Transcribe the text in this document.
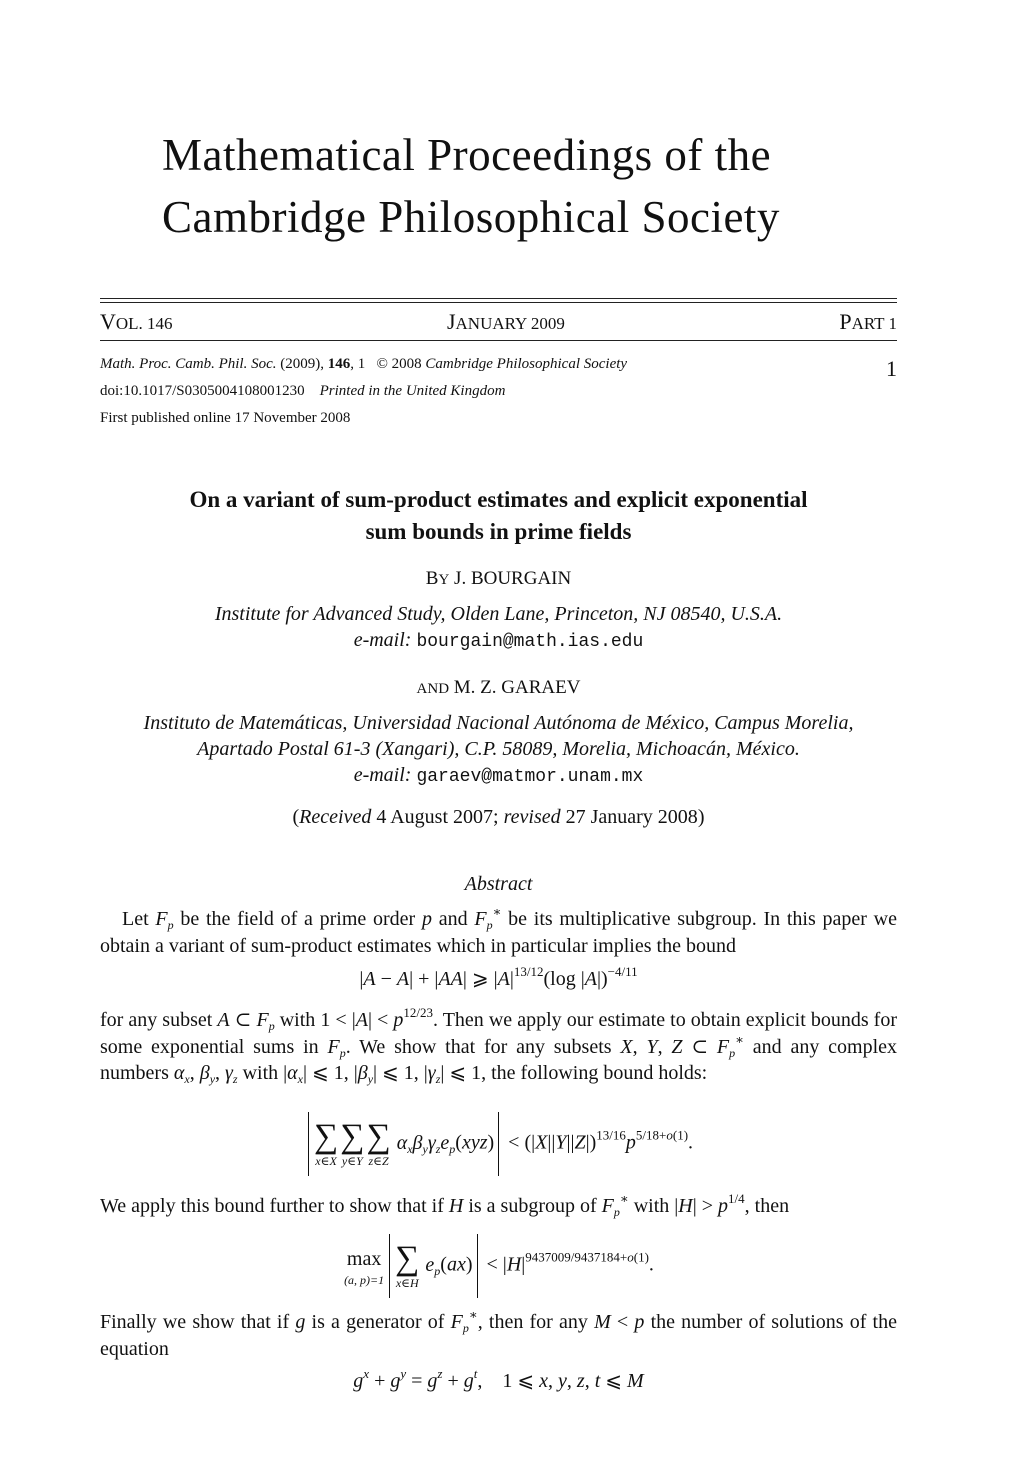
Mathematical Proceedings of the
Cambridge Philosophical Society
VOL. 146	JANUARY 2009	PART 1
Math. Proc. Camb. Phil. Soc. (2009), 146, 1 © 2008 Cambridge Philosophical Society	1
doi:10.1017/S0305004108001230 Printed in the United Kingdom
First published online 17 November 2008
On a variant of sum-product estimates and explicit exponential
sum bounds in prime fields
BY J. BOURGAIN
Institute for Advanced Study, Olden Lane, Princeton, NJ 08540, U.S.A.
e-mail: bourgain@math.ias.edu
AND M. Z. GARAEV
Instituto de Matemáticas, Universidad Nacional Autónoma de México, Campus Morelia,
Apartado Postal 61-3 (Xangari), C.P. 58089, Morelia, Michoacán, México.
e-mail: garaev@matmor.unam.mx
(Received 4 August 2007; revised 27 January 2008)
Abstract
Let $F_p$ be the field of a prime order p and $F_p^∗$ be its multiplicative subgroup. In this paper we obtain a variant of sum-product estimates which in particular implies the bound
|A − A| + |AA| ⩾ $|A|^{13/12}(\log$ |A|)$^{-4/11}$
for any subset A ⊂ $F_p$ with $1 < |A| < p^{12/23}$. Then we apply our estimate to obtain explicit bounds for some exponential sums in $F_p$. We show that for any subsets X, Y, Z ⊂ $F_p^∗$ and any complex numbers $\alpha_x$, $\beta_y$, $\gamma_z$ with $|\alpha_x|$ ⩽ 1, $|\beta_y|$ ⩽ 1, $|\gamma_z|$ ⩽ 1, the following bound holds:
∑
x∈X
∑
y∈Y
∑
z∈Z
$\alpha_x\beta_y\gamma_ze_p(xyz) < (|X||Y||Z|)^{13/16}p^{5/18+o(1)}$.
We apply this bound further to show that if H is a subgroup of $F_p^∗$ with $|H| > p^{1/4}$, then
max
(a, p)=1
∑
x∈H
$e_p(ax) < |H|^{9437009/9437184+o(1)}$.
Finally we show that if g is a generator of $F_p^∗$, then for any M < p the number of solutions of the equation
$g^x + g^y = g^z + g^t$,    1 ⩽ x, y, z, t ⩽ M
